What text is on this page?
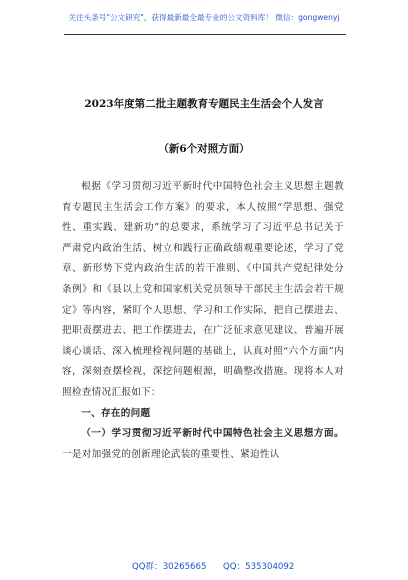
关注头条号"公文研究"，获得最新最全最专业的公文资料库！ 微信：gongwenyj
2023年度第二批主题教育专题民主生活会个人发言
（新6个对照方面）

根据《学习贯彻习近平新时代中国特色社会主义思想主题教育专题民主生活会工作方案》的要求，本人按照“学思想、强党性、重实践、建新功”的总要求，系统学习了习近平总书记关于严肃党内政治生活、树立和践行正确政绩观重要论述，学习了党章、新形势下党内政治生活的若干准则、《中国共产党纪律处分条例》和《县以上党和国家机关党员领导干部民主生活会若干规定》等内容，紧盯个人思想、学习和工作实际，把自己摆进去、把职责摆进去、把工作摆进去，在广泛征求意见建议、普遍开展谈心谈话、深入梳理检视问题的基础上，认真对照“六个方面”内容，深刻查摆检视，深挖问题根源，明确整改措施。现将本人对照检查情况汇报如下：

一、存在的问题

（一）学习贯彻习近平新时代中国特色社会主义思想方面。一是对加强党的创新理论武装的重要性、紧迫性认

QQ群：30265665 QQ：535304092
